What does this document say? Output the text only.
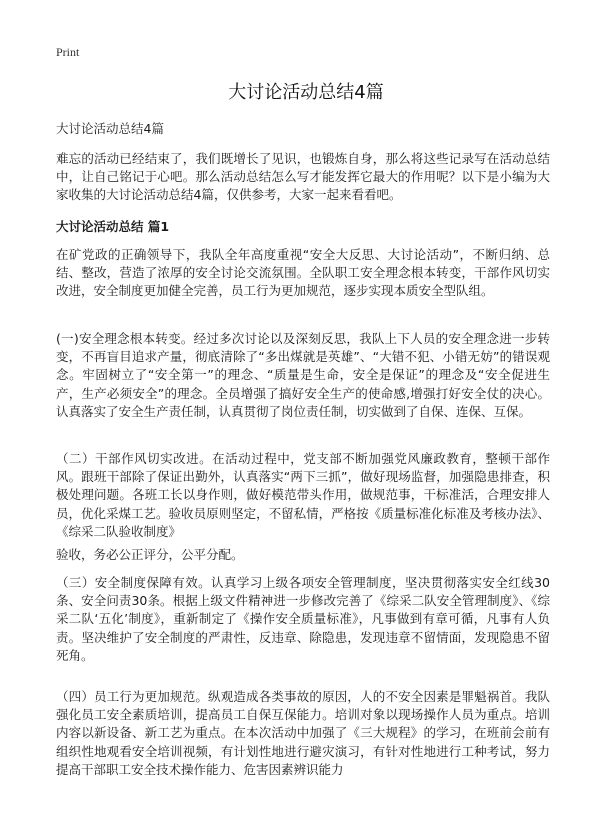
Print
大讨论活动总结4篇

大讨论活动总结4篇

难忘的活动已经结束了，我们既增长了见识，也锻炼自身，那么将这些记录写在活动总结中，让自己铭记于心吧。那么活动总结怎么写才能发挥它最大的作用呢？以下是小编为大家收集的大讨论活动总结4篇，仅供参考，大家一起来看看吧。

大讨论活动总结 篇1

在矿党政的正确领导下，我队全年高度重视“安全大反思、大讨论活动”，不断归纳、总结、整改，营造了浓厚的安全讨论交流氛围。全队职工安全理念根本转变，干部作风切实改进，安全制度更加健全完善，员工行为更加规范，逐步实现本质安全型队组。

(一)安全理念根本转变。经过多次讨论以及深刻反思，我队上下人员的安全理念进一步转变，不再盲目追求产量，彻底清除了“多出煤就是英雄”、“大错不犯、小错无妨”的错误观念。牢固树立了“安全第一”的理念、“质量是生命，安全是保证”的理念及“安全促进生产，生产必须安全”的理念。全员增强了搞好安全生产的使命感,增强打好安全仗的决心。认真落实了安全生产责任制，认真贯彻了岗位责任制，切实做到了自保、连保、互保。

（二）干部作风切实改进。在活动过程中，党支部不断加强党风廉政教育，整顿干部作风。跟班干部除了保证出勤外，认真落实“两下三抓”，做好现场监督，加强隐患排查，积极处理问题。各班工长以身作则，做好模范带头作用，做规范事，干标准活，合理安排人员，优化采煤工艺。验收员原则坚定，不留私情，严格按《质量标准化标准及考核办法》、《综采二队验收制度》

验收，务必公正评分，公平分配。

（三）安全制度保障有效。认真学习上级各项安全管理制度，坚决贯彻落实安全红线30条、安全问责30条。根据上级文件精神进一步修改完善了《综采二队安全管理制度》、《综采二队‘五化’制度》，重新制定了《操作安全质量标准》，凡事做到有章可循，凡事有人负责。坚决维护了安全制度的严肃性，反违章、除隐患，发现违章不留情面，发现隐患不留死角。

（四）员工行为更加规范。纵观造成各类事故的原因，人的不安全因素是罪魁祸首。我队强化员工安全素质培训，提高员工自保互保能力。培训对象以现场操作人员为重点。培训内容以新设备、新工艺为重点。在本次活动中加强了《三大规程》的学习，在班前会前有组织性地观看安全培训视频，有计划性地进行避灾演习，有针对性地进行工种考试，努力提高干部职工安全技术操作能力、危害因素辨识能力
